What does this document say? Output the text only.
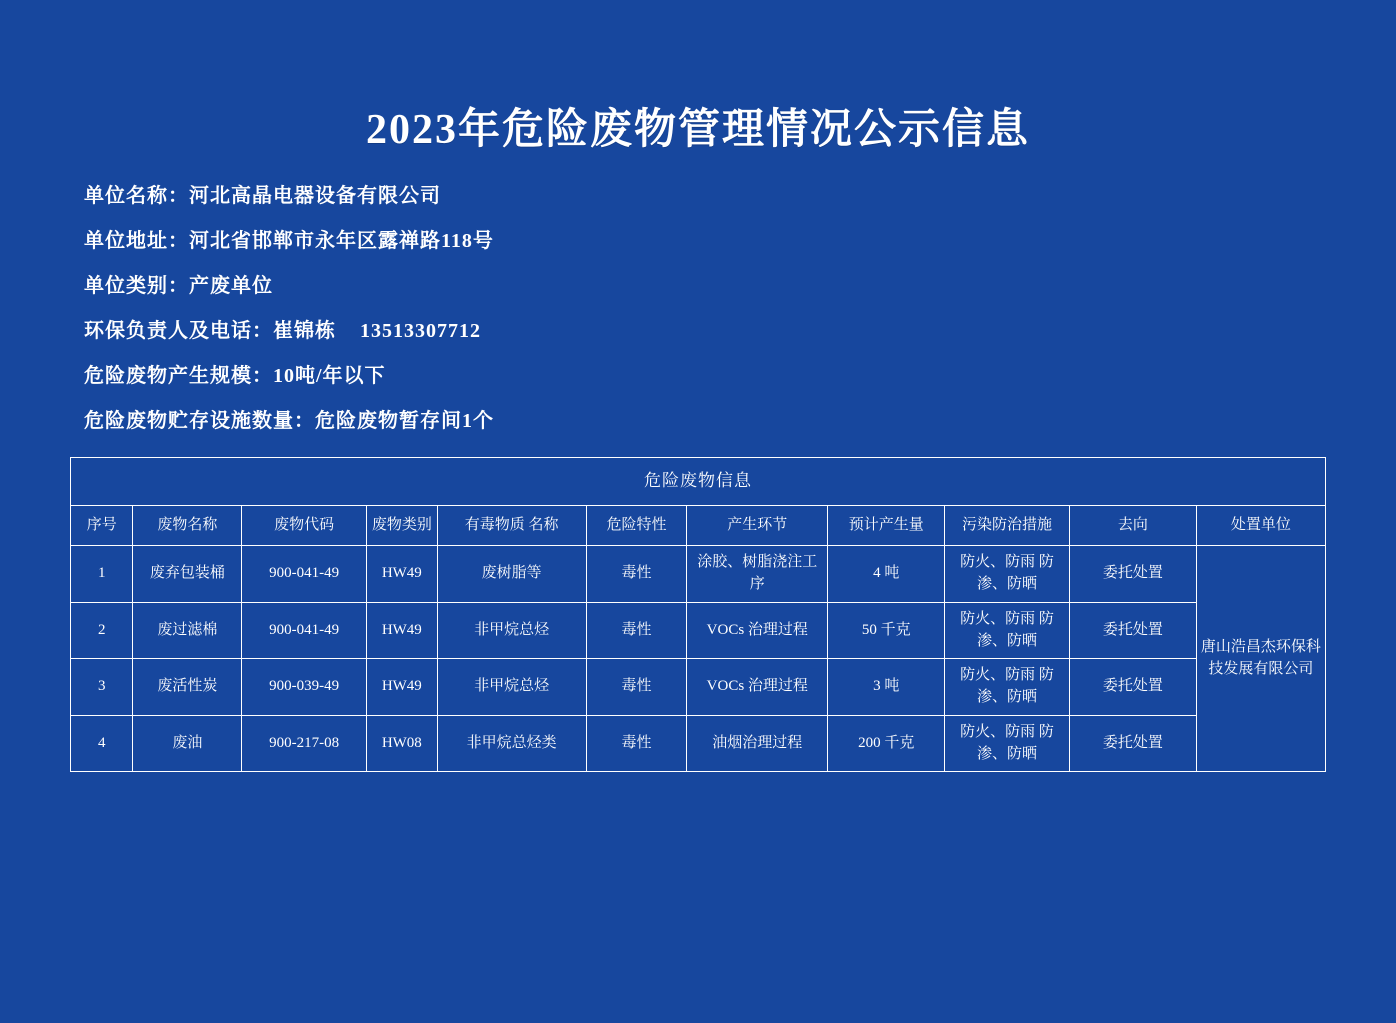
2023年危险废物管理情况公示信息
单位名称：河北高晶电器设备有限公司
单位地址：河北省邯郸市永年区露禅路118号
单位类别：产废单位
环保负责人及电话：崔锦栋    13513307712
危险废物产生规模：10吨/年以下
危险废物贮存设施数量：危险废物暂存间1个
危险废物信息										
序号	废物名称	废物代码	废物类别	有毒物质 名称	危险特性	产生环节	预计产生量	污染防治措施	去向	处置单位
1	废弃包装桶	900-041-49	HW49	废树脂等	毒性	涂胶、树脂浇注工序	4 吨	防火、防雨 防渗、防晒	委托处置	唐山浩昌杰环保科技发展有限公司
2	废过滤棉	900-041-49	HW49	非甲烷总烃	毒性	VOCs 治理过程	50 千克	防火、防雨 防渗、防晒	委托处置	
3	废活性炭	900-039-49	HW49	非甲烷总烃	毒性	VOCs 治理过程	3 吨	防火、防雨 防渗、防晒	委托处置	
4	废油	900-217-08	HW08	非甲烷总烃类	毒性	油烟治理过程	200 千克	防火、防雨 防渗、防晒	委托处置	
